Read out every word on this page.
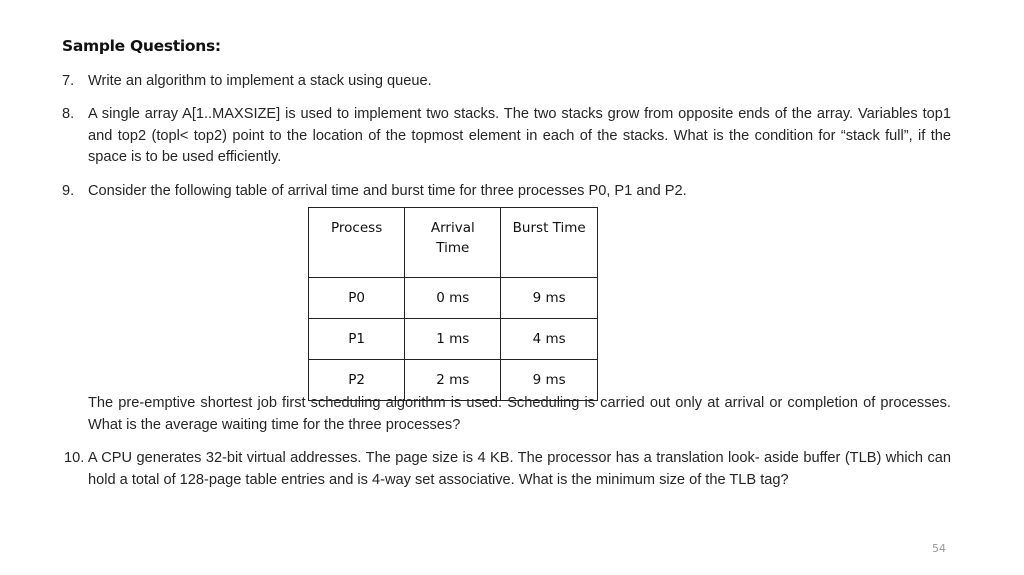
Sample Questions:
7. Write an algorithm to implement a stack using queue.
8. A single array A[1..MAXSIZE] is used to implement two stacks. The two stacks grow from opposite ends of the array. Variables top1 and top2 (topl< top2) point to the location of the topmost element in each of the stacks. What is the condition for “stack full”, if the space is to be used efficiently.
9. Consider the following table of arrival time and burst time for three processes P0, P1 and P2.
Process	Arrival Time	Burst Time
P0	0 ms	9 ms
P1	1 ms	4 ms
P2	2 ms	9 ms
The pre-emptive shortest job first scheduling algorithm is used. Scheduling is carried out only at arrival or completion of processes. What is the average waiting time for the three processes?
10. A CPU generates 32-bit virtual addresses. The page size is 4 KB. The processor has a translation look- aside buffer (TLB) which can hold a total of 128-page table entries and is 4-way set associative. What is the minimum size of the TLB tag?
54
